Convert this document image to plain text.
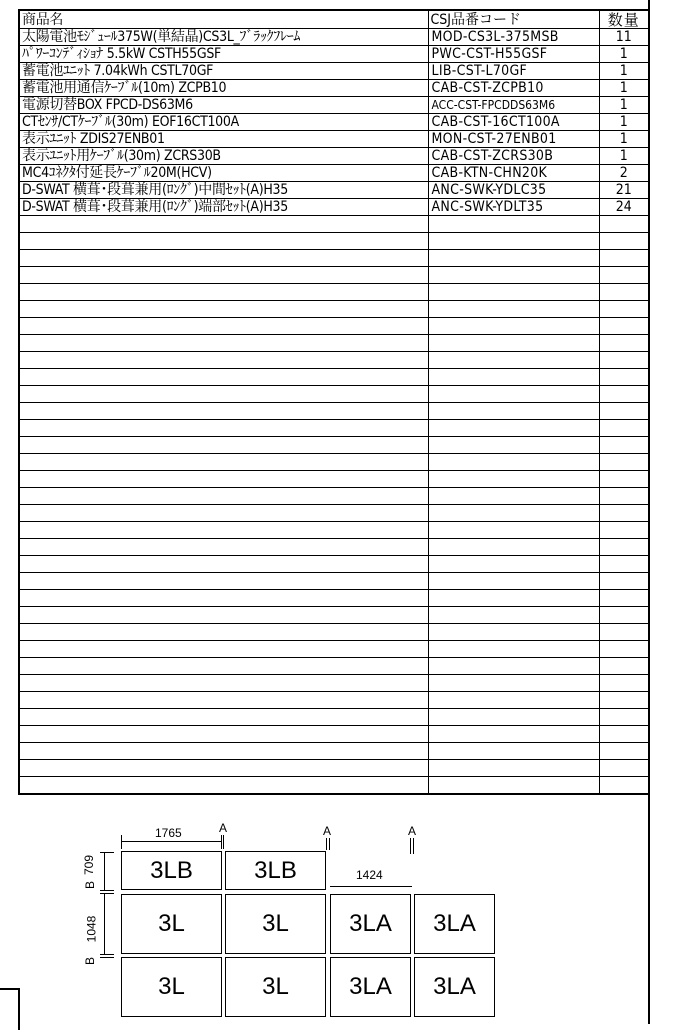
商品名	CSJ品番コード	数量
太陽電池ﾓｼﾞｭｰﾙ375W(単結晶)CS3L_ﾌﾞﾗｯｸﾌﾚｰﾑ	MOD-CS3L-375MSB	11
ﾊﾟﾜｰｺﾝﾃﾞｨｼｮﾅ 5.5kW CSTH55GSF	PWC-CST-H55GSF	1
蓄電池ﾕﾆｯﾄ 7.04kWh CSTL70GF	LIB-CST-L70GF	1
蓄電池用通信ｹｰﾌﾞﾙ(10m) ZCPB10	CAB-CST-ZCPB10	1
電源切替BOX FPCD-DS63M6	ACC-CST-FPCDDS63M6	1
CTｾﾝｻ/CTｹｰﾌﾞﾙ(30m) EOF16CT100A	CAB-CST-16CT100A	1
表示ﾕﾆｯﾄ ZDIS27ENB01	MON-CST-27ENB01	1
表示ﾕﾆｯﾄ用ｹｰﾌﾞﾙ(30m) ZCRS30B	CAB-CST-ZCRS30B	1
MC4ｺﾈｸﾀ付延長ｹｰﾌﾞﾙ20M(HCV)	CAB-KTN-CHN20K	2
D-SWAT 横葺･段葺兼用(ﾛﾝｸﾞ)中間ｾｯﾄ(A)H35	ANC-SWK-YDLC35	21
D-SWAT 横葺･段葺兼用(ﾛﾝｸﾞ)端部ｾｯﾄ(A)H35	ANC-SWK-YDLT35	24

1765	A	A	A
1424
709
B
1048
B
3LB	3LB
3L	3L	3LA	3LA
3L	3L	3LA	3LA
